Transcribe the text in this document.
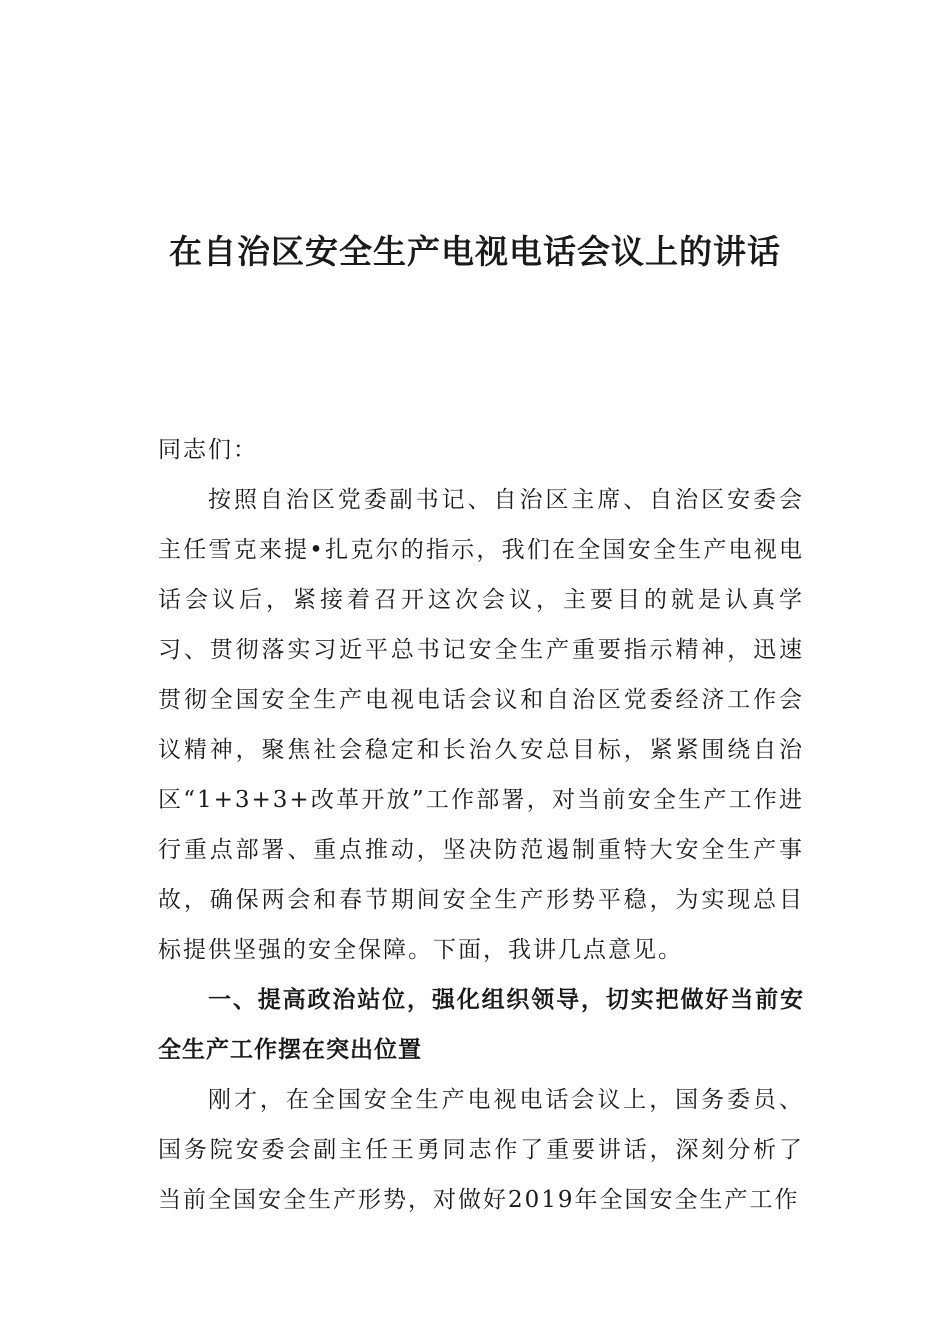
在自治区安全生产电视电话会议上的讲话

同志们：

按照自治区党委副书记、自治区主席、自治区安委会主任雪克来提•扎克尔的指示，我们在全国安全生产电视电话会议后，紧接着召开这次会议，主要目的就是认真学习、贯彻落实习近平总书记安全生产重要指示精神，迅速贯彻全国安全生产电视电话会议和自治区党委经济工作会议精神，聚焦社会稳定和长治久安总目标，紧紧围绕自治区“1+3+3+改革开放”工作部署，对当前安全生产工作进行重点部署、重点推动，坚决防范遏制重特大安全生产事故，确保两会和春节期间安全生产形势平稳，为实现总目标提供坚强的安全保障。下面，我讲几点意见。

一、提高政治站位，强化组织领导，切实把做好当前安全生产工作摆在突出位置

刚才，在全国安全生产电视电话会议上，国务委员、国务院安委会副主任王勇同志作了重要讲话，深刻分析了当前全国安全生产形势，对做好2019年全国安全生产工作
